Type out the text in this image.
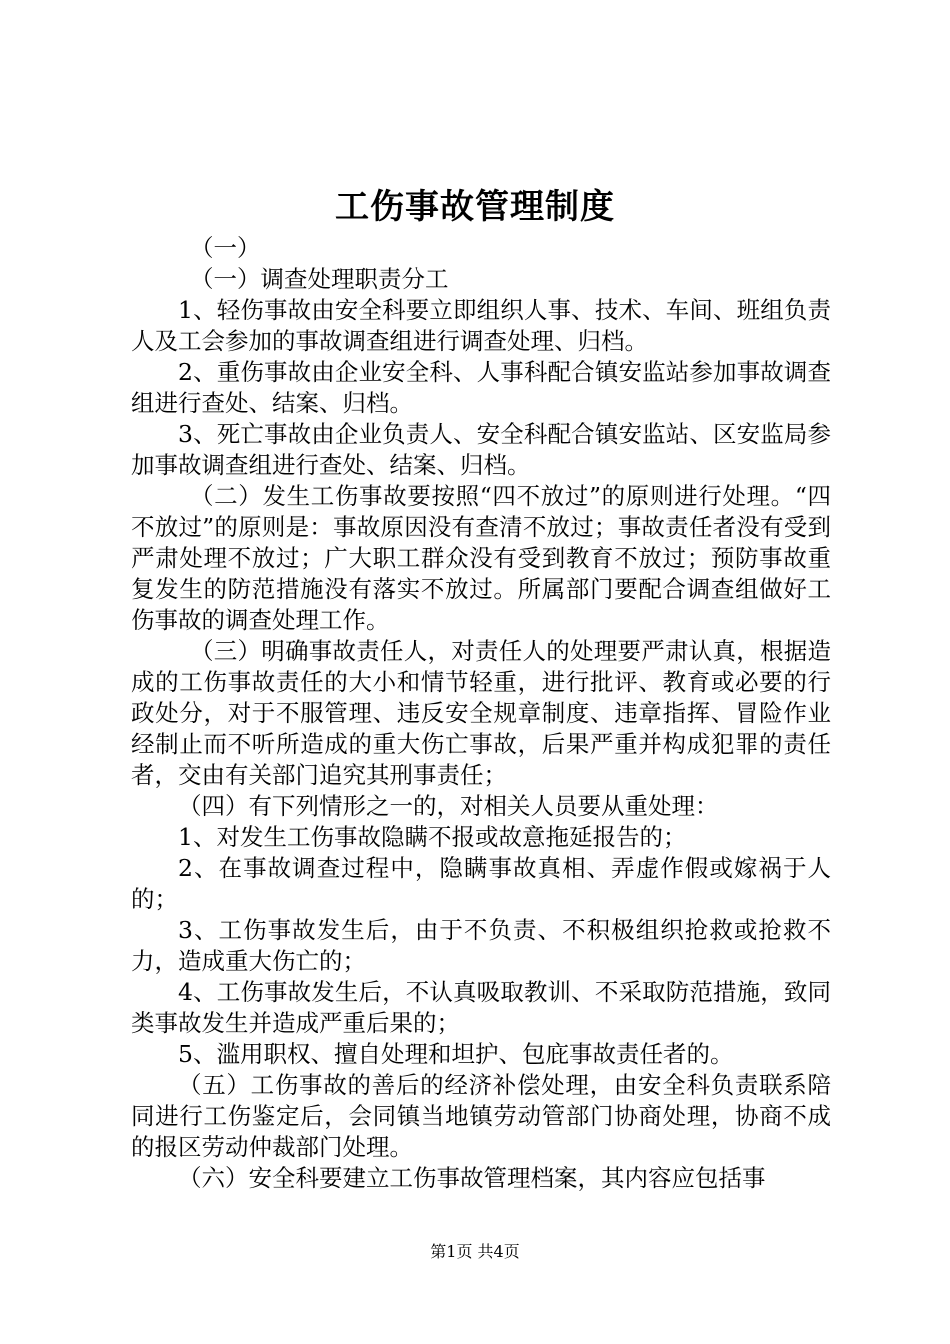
工伤事故管理制度

（一）

（一）调查处理职责分工

1、轻伤事故由安全科要立即组织人事、技术、车间、班组负责人及工会参加的事故调查组进行调查处理、归档。

2、重伤事故由企业安全科、人事科配合镇安监站参加事故调查组进行查处、结案、归档。

3、死亡事故由企业负责人、安全科配合镇安监站、区安监局参加事故调查组进行查处、结案、归档。

（二）发生工伤事故要按照“四不放过”的原则进行处理。“四不放过”的原则是：事故原因没有查清不放过；事故责任者没有受到严肃处理不放过；广大职工群众没有受到教育不放过；预防事故重复发生的防范措施没有落实不放过。所属部门要配合调查组做好工伤事故的调查处理工作。

（三）明确事故责任人，对责任人的处理要严肃认真，根据造成的工伤事故责任的大小和情节轻重，进行批评、教育或必要的行政处分，对于不服管理、违反安全规章制度、违章指挥、冒险作业经制止而不听所造成的重大伤亡事故，后果严重并构成犯罪的责任者，交由有关部门追究其刑事责任；

（四）有下列情形之一的，对相关人员要从重处理：

1、对发生工伤事故隐瞒不报或故意拖延报告的；

2、在事故调查过程中，隐瞒事故真相、弄虚作假或嫁祸于人的；

3、工伤事故发生后，由于不负责、不积极组织抢救或抢救不力，造成重大伤亡的；

4、工伤事故发生后，不认真吸取教训、不采取防范措施，致同类事故发生并造成严重后果的；

5、滥用职权、擅自处理和坦护、包庇事故责任者的。

（五）工伤事故的善后的经济补偿处理，由安全科负责联系陪同进行工伤鉴定后，会同镇当地镇劳动管部门协商处理，协商不成的报区劳动仲裁部门处理。

（六）安全科要建立工伤事故管理档案，其内容应包括事

第1页 共4页
